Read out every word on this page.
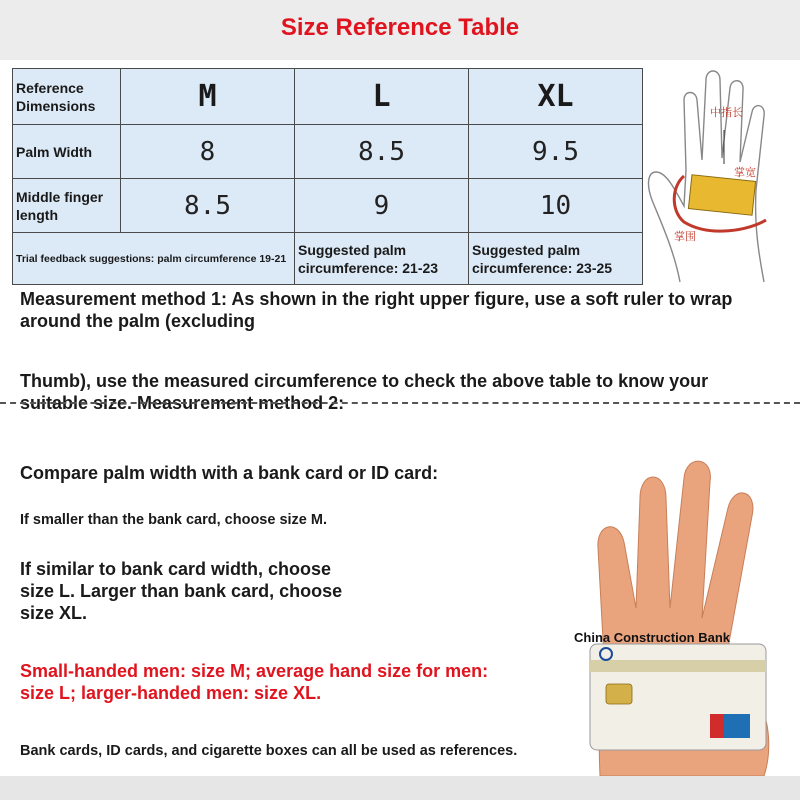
Size Reference Table
Reference Dimensions	M	L	XL
Palm Width	8	8.5	9.5
Middle finger length	8.5	9	10
Trial feedback suggestions: palm circumference 19-21		Suggested palm circumference: 21-23	Suggested palm circumference: 23-25
中指长
掌宽
掌围

Measurement method 1: As shown in the right upper figure, use a soft ruler to wrap around the palm (excluding

Thumb), use the measured circumference to check the above table to know your suitable size. Measurement method 2:

Compare palm width with a bank card or ID card:

If smaller than the bank card, choose size M.

If similar to bank card width, choose size L. Larger than bank card, choose size XL.

Small-handed men: size M; average hand size for men: size L; larger-handed men: size XL.

Bank cards, ID cards, and cigarette boxes can all be used as references.

China Construction Bank
